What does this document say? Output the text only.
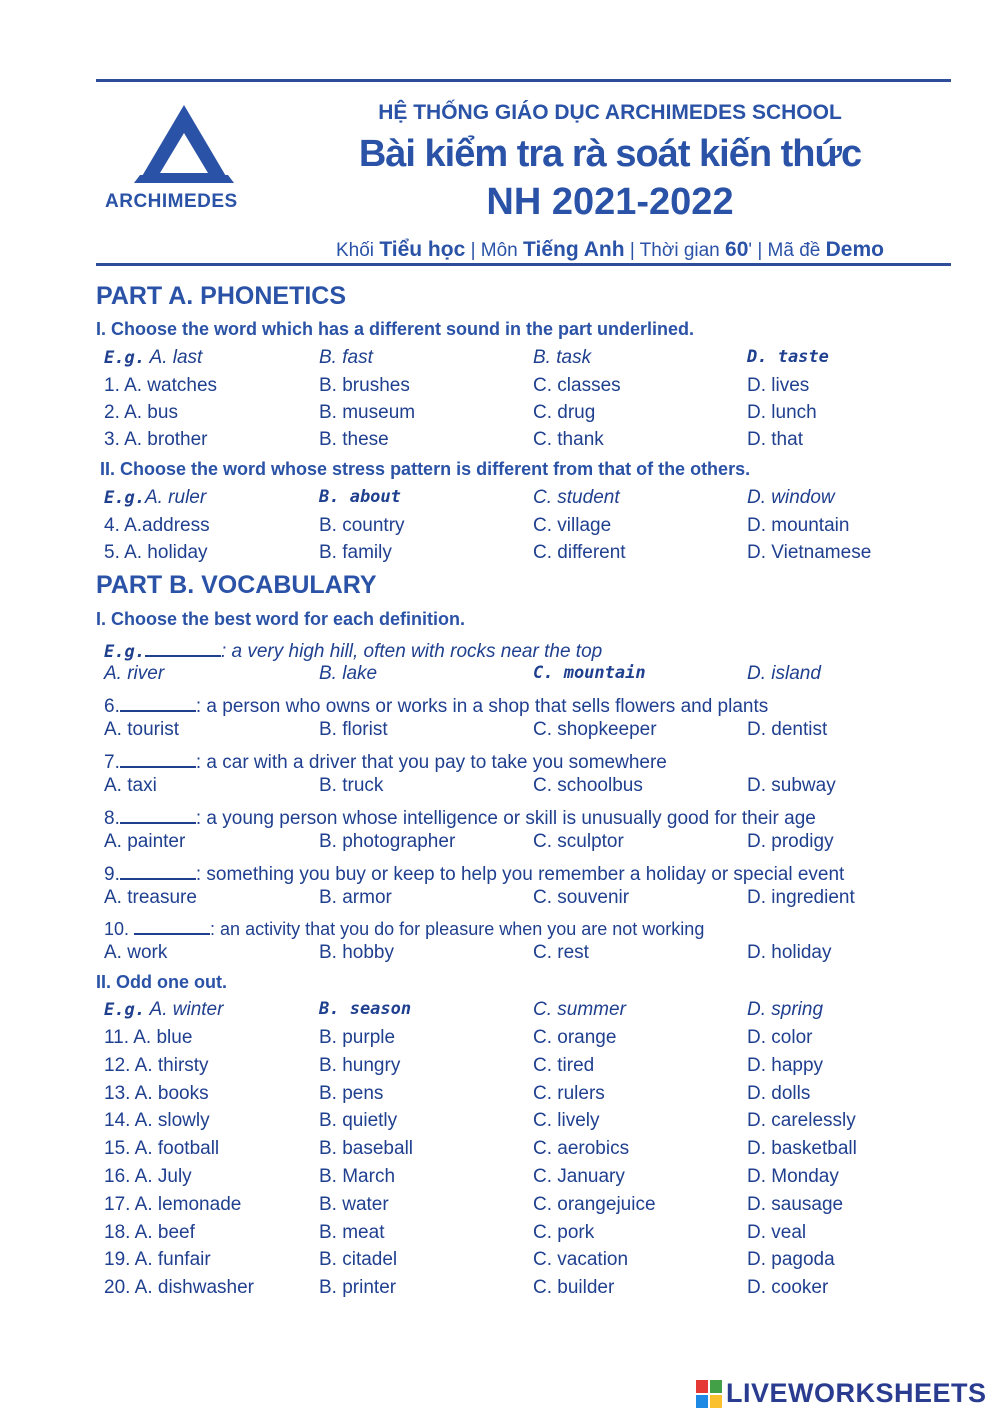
ARCHIMEDES
HỆ THỐNG GIÁO DỤC ARCHIMEDES SCHOOL
Bài kiểm tra rà soát kiến thức
NH 2021-2022
Khối Tiểu học | Môn Tiếng Anh | Thời gian 60' | Mã đề Demo
PART A. PHONETICS
I. Choose the word which has a different sound in the part underlined.
E.g. A. last	B. fast	B. task	D. taste
1. A. watches	B. brushes	C. classes	D. lives
2. A. bus	B. museum	C. drug	D. lunch
3. A. brother	B. these	C. thank	D. that
II. Choose the word whose stress pattern is different from that of the others.
E.g.A. ruler	B. about	C. student	D. window
4. A.address	B. country	C. village	D. mountain
5. A. holiday	B. family	C. different	D. Vietnamese
PART B. VOCABULARY
I. Choose the best word for each definition.
E.g.	: a very high hill, often with rocks near the top
A. river	B. lake	C. mountain	D. island
6.	: a person who owns or works in a shop that sells flowers and plants
A. tourist	B. florist	C. shopkeeper	D. dentist
7.	: a car with a driver that you pay to take you somewhere
A. taxi	B. truck	C. schoolbus	D. subway
8.	: a young person whose intelligence or skill is unusually good for their age
A. painter	B. photographer	C. sculptor	D. prodigy
9.	: something you buy or keep to help you remember a holiday or special event
A. treasure	B. armor	C. souvenir	D. ingredient
10.	: an activity that you do for pleasure when you are not working
A. work	B. hobby	C. rest	D. holiday
II. Odd one out.
E.g. A. winter	B. season	C. summer	D. spring
11. A. blue	B. purple	C. orange	D. color
12. A. thirsty	B. hungry	C. tired	D. happy
13. A. books	B. pens	C. rulers	D. dolls
14. A. slowly	B. quietly	C. lively	D. carelessly
15. A. football	B. baseball	C. aerobics	D. basketball
16. A. July	B. March	C. January	D. Monday
17. A. lemonade	B. water	C. orangejuice	D. sausage
18. A. beef	B. meat	C. pork	D. veal
19. A. funfair	B. citadel	C. vacation	D. pagoda
20. A. dishwasher	B. printer	C. builder	D. cooker
LIVEWORKSHEETS
